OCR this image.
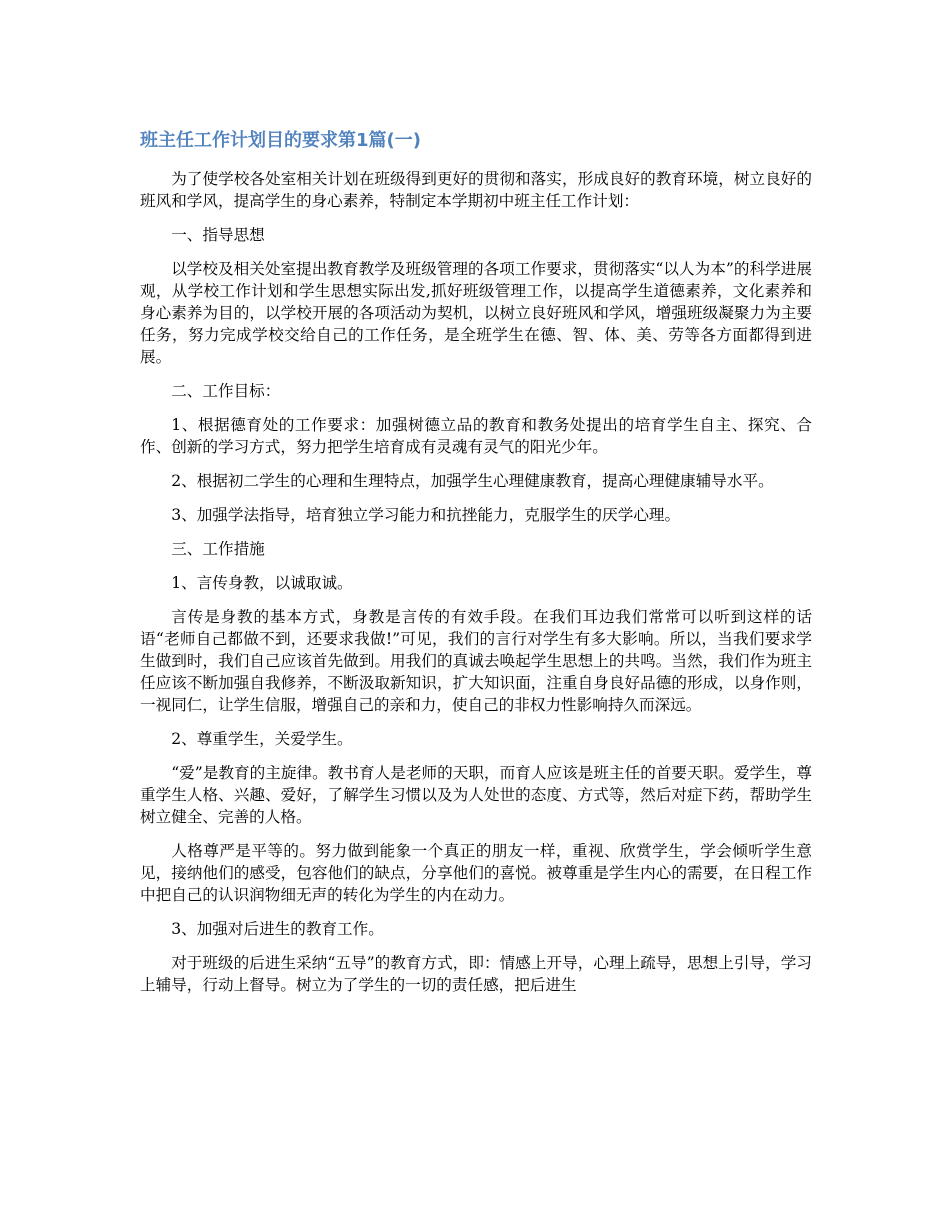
班主任工作计划目的要求第1篇(一)

为了使学校各处室相关计划在班级得到更好的贯彻和落实，形成良好的教育环境，树立良好的班风和学风，提高学生的身心素养，特制定本学期初中班主任工作计划：

一、指导思想

以学校及相关处室提出教育教学及班级管理的各项工作要求，贯彻落实“以人为本”的科学进展观，从学校工作计划和学生思想实际出发,抓好班级管理工作，以提高学生道德素养，文化素养和身心素养为目的，以学校开展的各项活动为契机，以树立良好班风和学风，增强班级凝聚力为主要任务，努力完成学校交给自己的工作任务，是全班学生在德、智、体、美、劳等各方面都得到进展。

二、工作目标：

1、根据德育处的工作要求：加强树德立品的教育和教务处提出的培育学生自主、探究、合作、创新的学习方式，努力把学生培育成有灵魂有灵气的阳光少年。

2、根据初二学生的心理和生理特点，加强学生心理健康教育，提高心理健康辅导水平。

3、加强学法指导，培育独立学习能力和抗挫能力，克服学生的厌学心理。

三、工作措施

1、言传身教，以诚取诚。

言传是身教的基本方式，身教是言传的有效手段。在我们耳边我们常常可以听到这样的话语“老师自己都做不到，还要求我做!”可见，我们的言行对学生有多大影响。所以，当我们要求学生做到时，我们自己应该首先做到。用我们的真诚去唤起学生思想上的共鸣。当然，我们作为班主任应该不断加强自我修养，不断汲取新知识，扩大知识面，注重自身良好品德的形成，以身作则，一视同仁，让学生信服，增强自己的亲和力，使自己的非权力性影响持久而深远。

2、尊重学生，关爱学生。

“爱”是教育的主旋律。教书育人是老师的天职，而育人应该是班主任的首要天职。爱学生，尊重学生人格、兴趣、爱好，了解学生习惯以及为人处世的态度、方式等，然后对症下药，帮助学生树立健全、完善的人格。

人格尊严是平等的。努力做到能象一个真正的朋友一样，重视、欣赏学生，学会倾听学生意见，接纳他们的感受，包容他们的缺点，分享他们的喜悦。被尊重是学生内心的需要，在日程工作中把自己的认识润物细无声的转化为学生的内在动力。

3、加强对后进生的教育工作。

对于班级的后进生采纳“五导”的教育方式，即：情感上开导，心理上疏导，思想上引导，学习上辅导，行动上督导。树立为了学生的一切的责任感，把后进生
